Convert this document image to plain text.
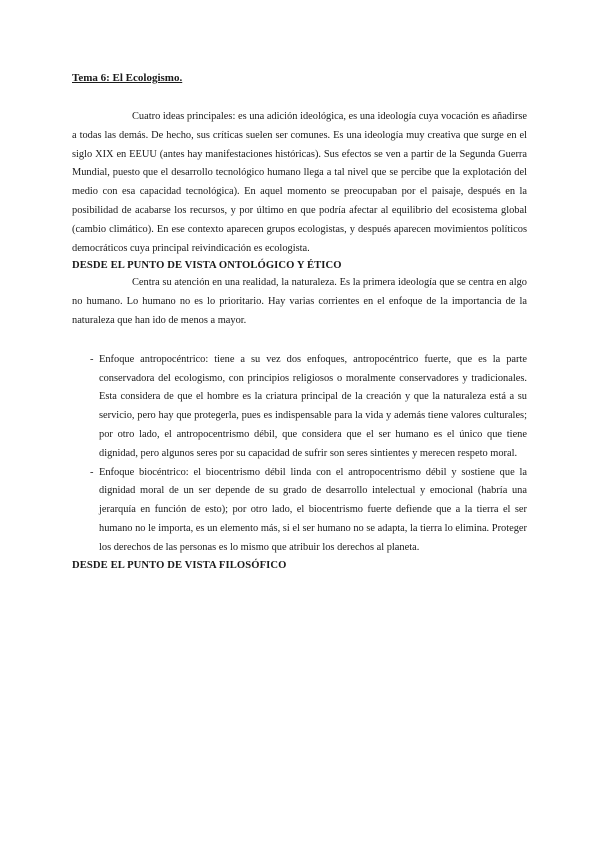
Tema 6: El Ecologismo.

Cuatro ideas principales: es una adición ideológica, es una ideología cuya vocación es añadirse a todas las demás. De hecho, sus críticas suelen ser comunes. Es una ideología muy creativa que surge en el siglo XIX en EEUU (antes hay manifestaciones históricas). Sus efectos se ven a partir de la Segunda Guerra Mundial, puesto que el desarrollo tecnológico humano llega a tal nivel que se percibe que la explotación del medio con esa capacidad tecnológica). En aquel momento se preocupaban por el paisaje, después en la posibilidad de acabarse los recursos, y por último en que podría afectar al equilibrio del ecosistema global (cambio climático). En ese contexto aparecen grupos ecologistas, y después aparecen movimientos políticos democráticos cuya principal reivindicación es ecologista.

DESDE EL PUNTO DE VISTA ONTOLÓGICO Y ÉTICO

Centra su atención en una realidad, la naturaleza. Es la primera ideología que se centra en algo no humano. Lo humano no es lo prioritario. Hay varias corrientes en el enfoque de la importancia de la naturaleza que han ido de menos a mayor.

- Enfoque antropocéntrico: tiene a su vez dos enfoques, antropocéntrico fuerte, que es la parte conservadora del ecologismo, con principios religiosos o moralmente conservadores y tradicionales. Esta considera de que el hombre es la criatura principal de la creación y que la naturaleza está a su servicio, pero hay que protegerla, pues es indispensable para la vida y además tiene valores culturales; por otro lado, el antropocentrismo débil, que considera que el ser humano es el único que tiene dignidad, pero algunos seres por su capacidad de sufrir son seres sintientes y merecen respeto moral.
- Enfoque biocéntrico: el biocentrismo débil linda con el antropocentrismo débil y sostiene que la dignidad moral de un ser depende de su grado de desarrollo intelectual y emocional (habría una jerarquía en función de esto); por otro lado, el biocentrismo fuerte defiende que a la tierra el ser humano no le importa, es un elemento más, si el ser humano no se adapta, la tierra lo elimina. Proteger los derechos de las personas es lo mismo que atribuir los derechos al planeta.
DESDE EL PUNTO DE VISTA FILOSÓFICO
